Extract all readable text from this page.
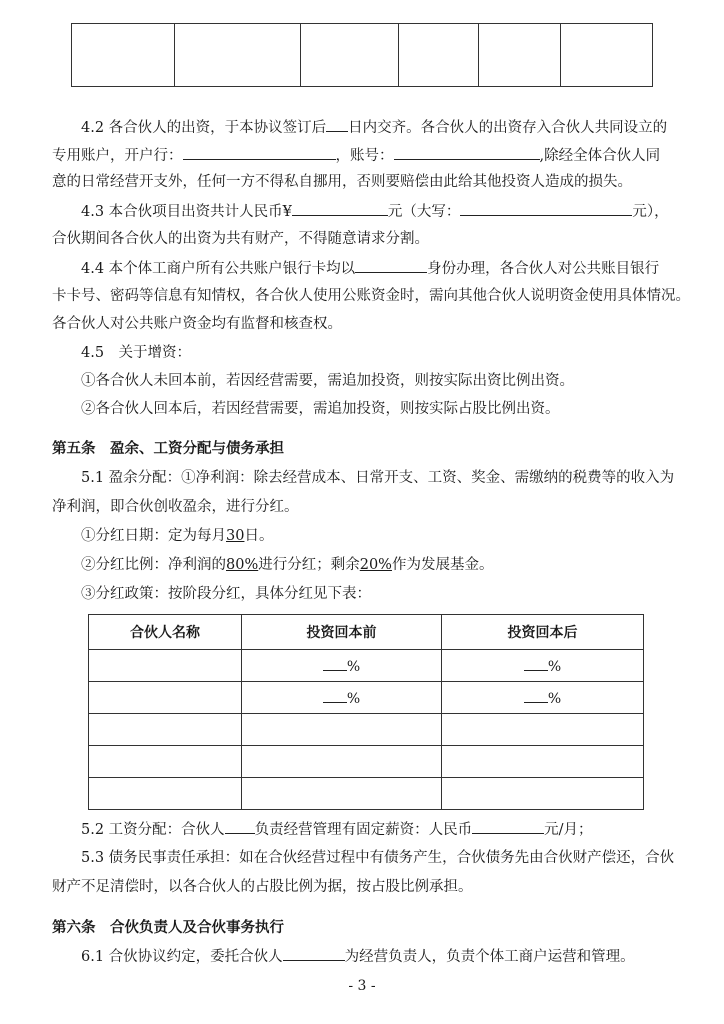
4.2 各合伙人的出资，于本协议签订后 日内交齐。各合伙人的出资存入合伙人共同设立的
专用账户，开户行：	，账号：	,除经全体合伙人同
意的日常经营开支外，任何一方不得私自挪用，否则要赔偿由此给其他投资人造成的损失。
4.3 本合伙项目出资共计人民币¥	元（大写：	元），
合伙期间各合伙人的出资为共有财产，不得随意请求分割。
4.4 本个体工商户所有公共账户银行卡均以	身份办理，各合伙人对公共账目银行
卡卡号、密码等信息有知情权，各合伙人使用公账资金时，需向其他合伙人说明资金使用具体情况。
各合伙人对公共账户资金均有监督和核查权。
4.5　关于增资：
①各合伙人未回本前，若因经营需要，需追加投资，则按实际出资比例出资。
②各合伙人回本后，若因经营需要，需追加投资，则按实际占股比例出资。
第五条　盈余、工资分配与债务承担
5.1 盈余分配：①净利润：除去经营成本、日常开支、工资、奖金、需缴纳的税费等的收入为
净利润，即合伙创收盈余，进行分红。
①分红日期：定为每月30日。
②分红比例：净利润的80%进行分红；剩余20%作为发展基金。
③分红政策：按阶段分红，具体分红见下表：
合伙人名称	投资回本前	投资回本后
	%	%
	%	%

5.2 工资分配：合伙人 负责经营管理有固定薪资：人民币	元/月；
5.3 债务民事责任承担：如在合伙经营过程中有债务产生，合伙债务先由合伙财产偿还，合伙
财产不足清偿时，以各合伙人的占股比例为据，按占股比例承担。
第六条　合伙负责人及合伙事务执行
6.1 合伙协议约定，委托合伙人	为经营负责人，负责个体工商户运营和管理。
- 3 -
